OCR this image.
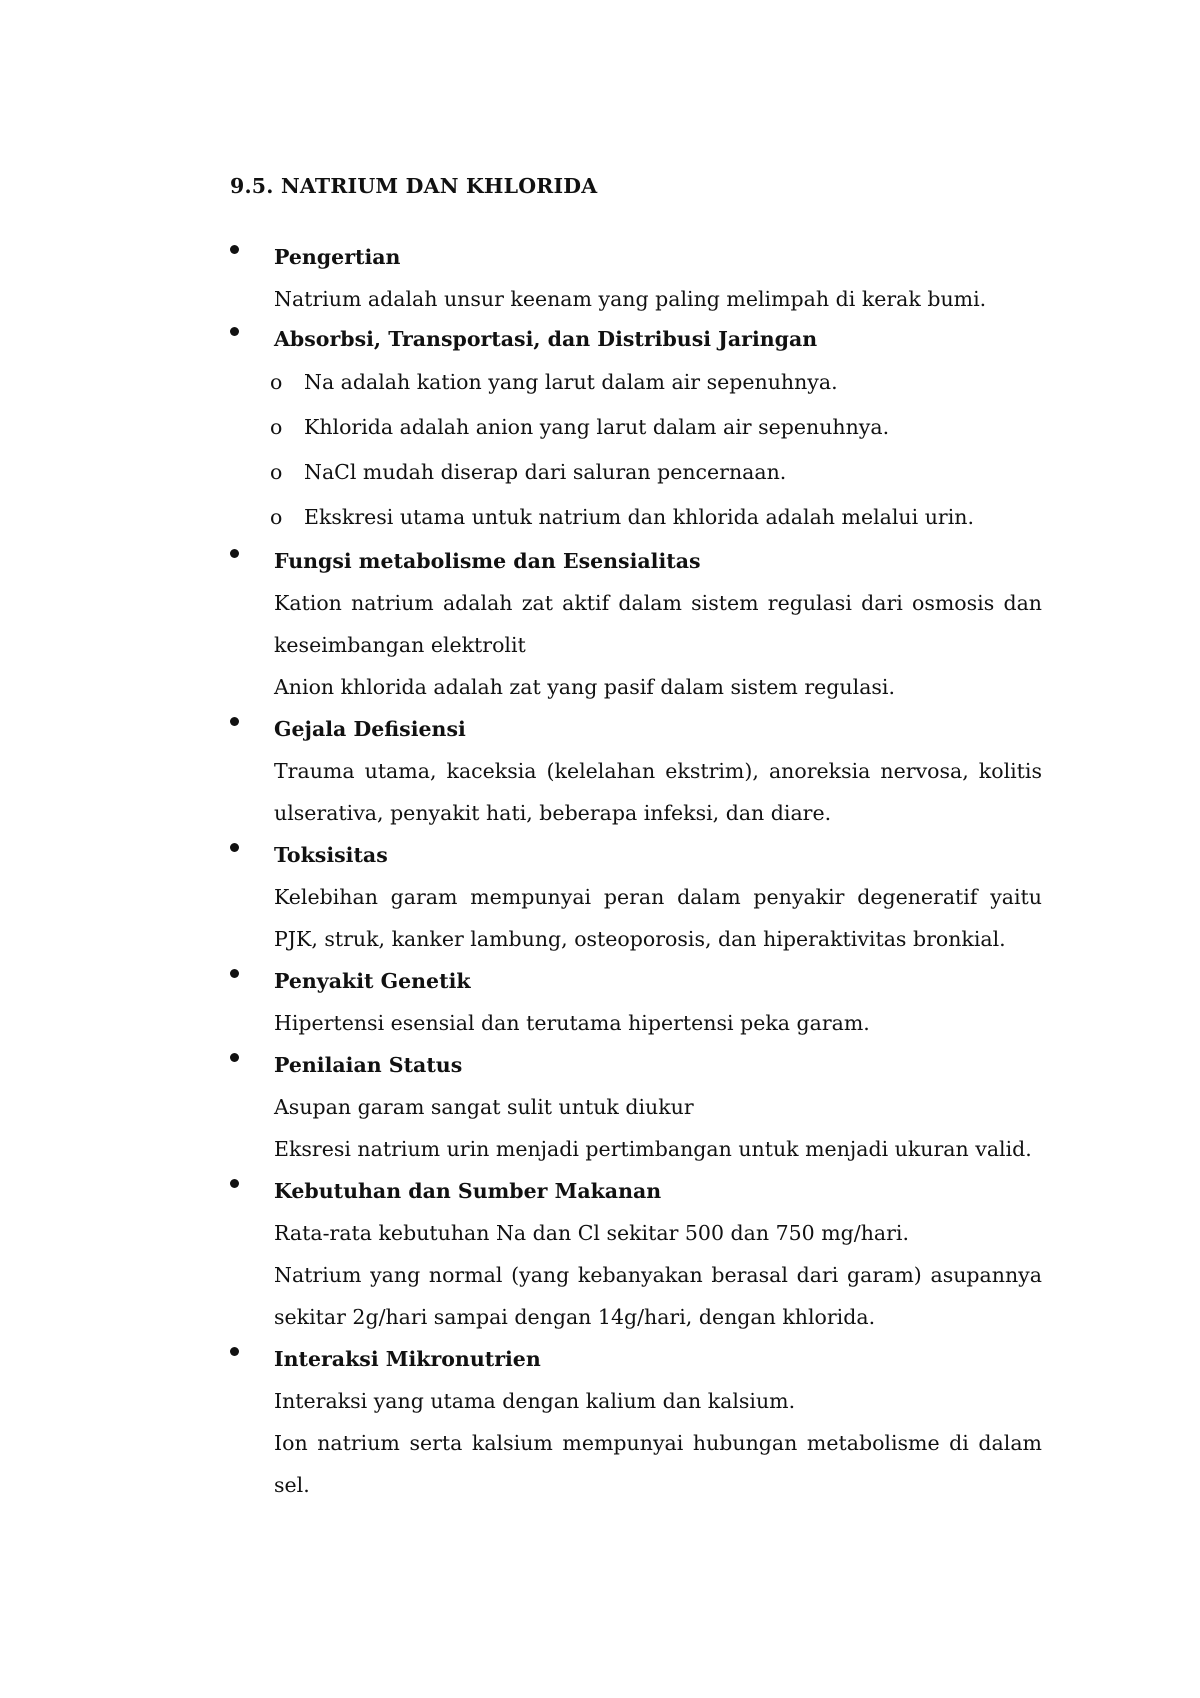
9.5. NATRIUM DAN KHLORIDA
Pengertian
Natrium adalah unsur keenam yang paling melimpah di kerak bumi.
Absorbsi, Transportasi, dan Distribusi Jaringan
o Na adalah kation yang larut dalam air sepenuhnya.
o Khlorida adalah anion yang larut dalam air sepenuhnya.
o NaCl mudah diserap dari saluran pencernaan.
o Ekskresi utama untuk natrium dan khlorida adalah melalui urin.
Fungsi metabolisme dan Esensialitas
Kation natrium adalah zat aktif dalam sistem regulasi dari osmosis dan keseimbangan elektrolit
Anion khlorida adalah zat yang pasif dalam sistem regulasi.
Gejala Defisiensi
Trauma utama, kaceksia (kelelahan ekstrim), anoreksia nervosa, kolitis ulserativa, penyakit hati, beberapa infeksi, dan diare.
Toksisitas
Kelebihan garam mempunyai peran dalam penyakir degeneratif yaitu PJK, struk, kanker lambung, osteoporosis, dan hiperaktivitas bronkial.
Penyakit Genetik
Hipertensi esensial dan terutama hipertensi peka garam.
Penilaian Status
Asupan garam sangat sulit untuk diukur
Eksresi natrium urin menjadi pertimbangan untuk menjadi ukuran valid.
Kebutuhan dan Sumber Makanan
Rata-rata kebutuhan Na dan Cl sekitar 500 dan 750 mg/hari.
Natrium yang normal (yang kebanyakan berasal dari garam) asupannya sekitar 2g/hari sampai dengan 14g/hari, dengan khlorida.
Interaksi Mikronutrien
Interaksi yang utama dengan kalium dan kalsium.
Ion natrium serta kalsium mempunyai hubungan metabolisme di dalam sel.
